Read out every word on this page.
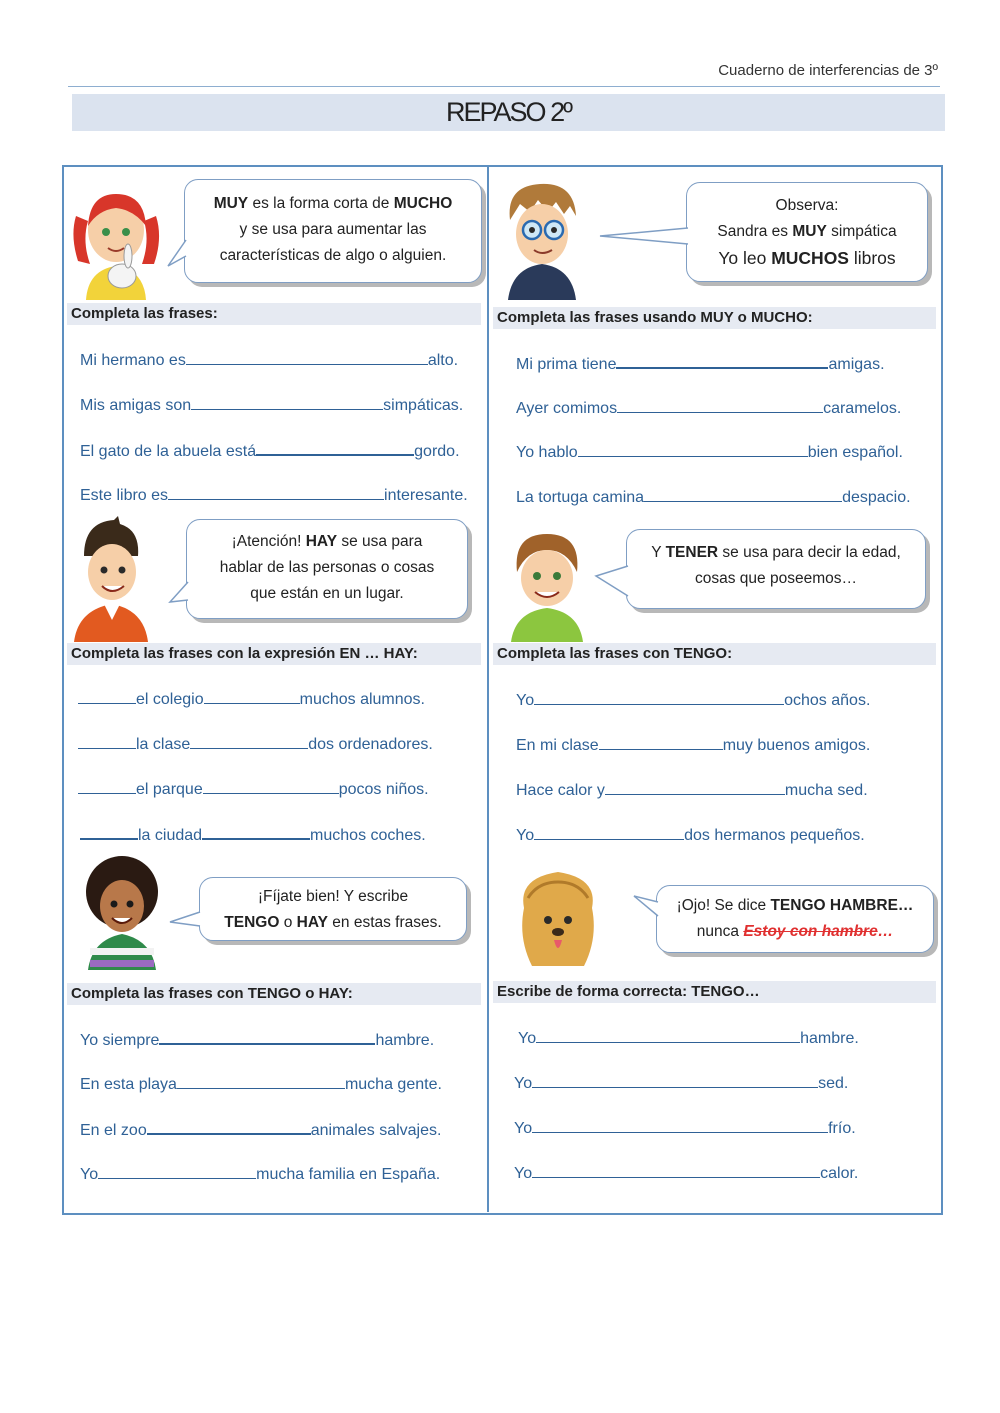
Cuaderno de interferencias de 3º
REPASO 2º
MUY es la forma corta de MUCHO
y se usa para aumentar las
características de algo o alguien.
Completa las frases:
Mi hermano es	alto.
Mis amigas son	simpáticas.
El gato de la abuela está	gordo.
Este libro es	interesante.
¡Atención! HAY se usa para
hablar de las personas o cosas
que están en un lugar.
Completa las frases con la expresión EN … HAY:
el colegio	muchos alumnos.
la clase	dos ordenadores.
el parque	pocos niños.
la ciudad	muchos coches.
¡Fíjate bien! Y escribe
TENGO o HAY en estas frases.
Completa las frases con TENGO o HAY:
Yo siempre	hambre.
En esta playa	mucha gente.
En el zoo	animales salvajes.
Yo	mucha familia en España.
Observa:
Sandra es MUY simpática
Yo leo MUCHOS libros
Completa las frases usando MUY o MUCHO:
Mi prima tiene	amigas.
Ayer comimos	caramelos.
Yo hablo	bien español.
La tortuga camina	despacio.
Y TENER se usa para decir la edad,
cosas que poseemos…
Completa las frases con TENGO:
Yo	ochos años.
En mi clase	muy buenos amigos.
Hace calor y	mucha sed.
Yo	dos hermanos pequeños.
¡Ojo! Se dice TENGO HAMBRE…
nunca Estoy con hambre…
Escribe de forma correcta: TENGO…
Yo	hambre.
Yo	sed.
Yo	frío.
Yo	calor.
